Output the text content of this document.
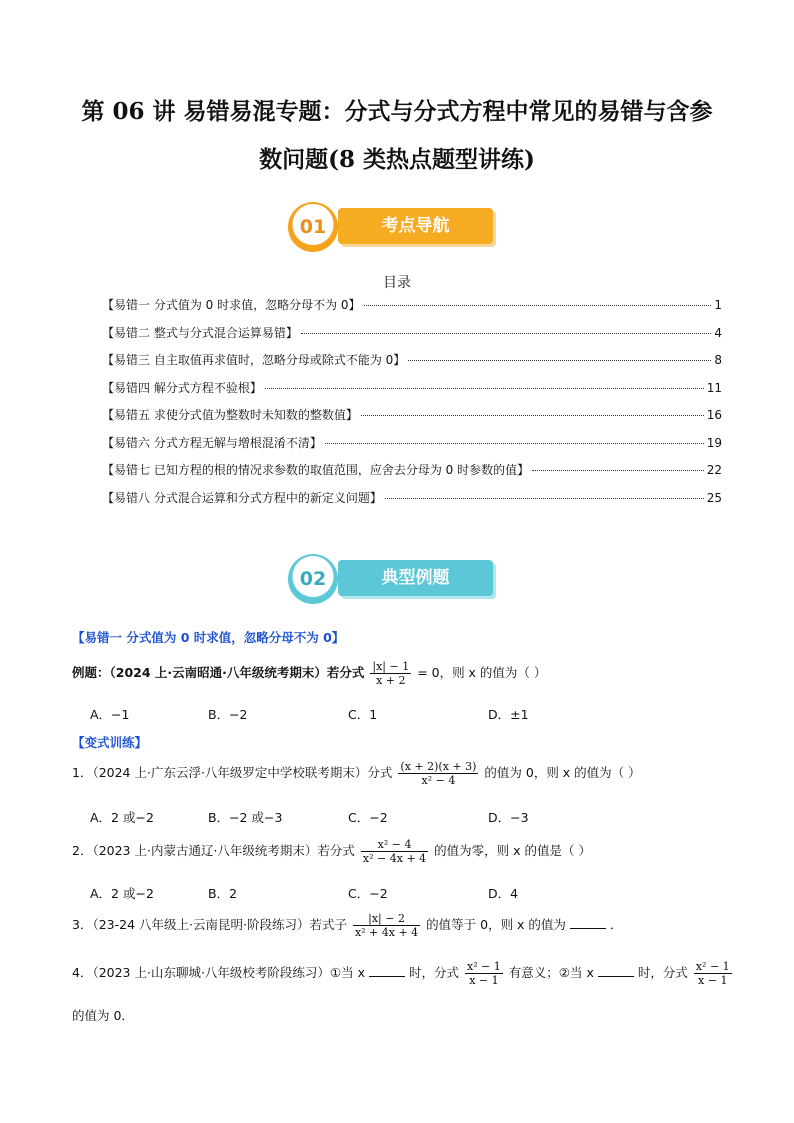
第 06 讲 易错易混专题：分式与分式方程中常见的易错与含参
数问题(8 类热点题型讲练)
01	考点导航
目录
【易错一 分式值为 0 时求值，忽略分母不为 0】	1
【易错二 整式与分式混合运算易错】	4
【易错三 自主取值再求值时，忽略分母或除式不能为 0】	8
【易错四 解分式方程不验根】	11
【易错五 求使分式值为整数时未知数的整数值】	16
【易错六 分式方程无解与增根混淆不清】	19
【易错七 已知方程的根的情况求参数的取值范围，应舍去分母为 0 时参数的值】	22
【易错八 分式混合运算和分式方程中的新定义问题】	25
02	典型例题
【易错一 分式值为 0 时求值，忽略分母不为 0】
例题：（2024 上·云南昭通·八年级统考期末）若分式 $\frac{|x| - 1}{x + 2} = 0$，则 x 的值为（ ）
A．−1	B．−2	C．1	D．±1
【变式训练】
1．（2024 上·广东云浮·八年级罗定中学校联考期末）分式 $\frac{(x + 2)(x + 3)}{\text{x² − 4}}$ 的值为 0，则 x 的值为（ ）
A．2 或−2	B．−2 或−3	C．−2	D．−3
2．（2023 上·内蒙古通辽·八年级统考期末）若分式 $\frac{\text{x² − 4}}{\text{x² − 4x + 4}}$ 的值为零，则 x 的值是（ ）
A．2 或−2	B．2	C．−2	D．4
3．（23-24 八年级上·云南昆明·阶段练习）若式子 $\frac{|x| - 2}{\text{x² + 4x + 4}}$ 的值等于 0，则 x 的值为	．
4．（2023 上·山东聊城·八年级校考阶段练习）①当 x	时，分式 $\frac{\text{x² − 1}}{x - 1}$ 有意义；②当 x	时，分式 $\frac{\text{x² − 1}}{x - 1}$
的值为 0．
